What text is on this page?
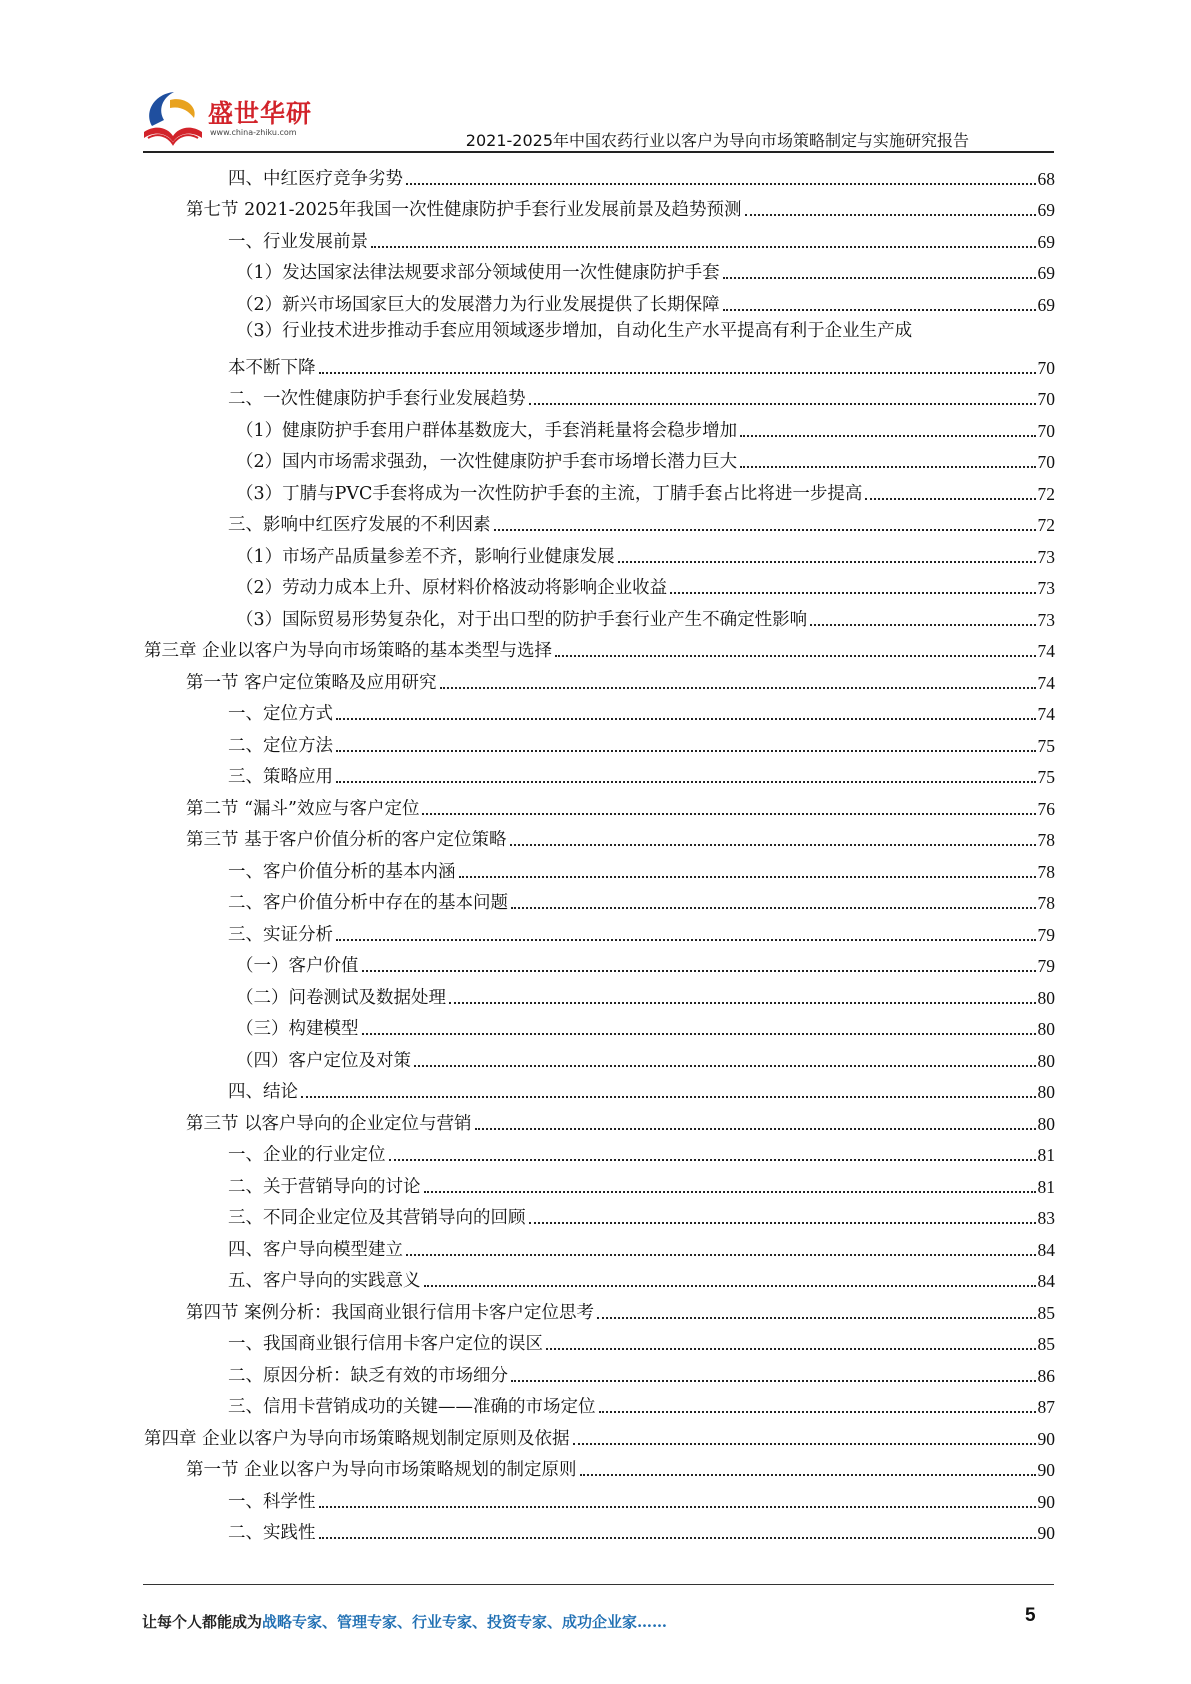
盛世华研
www.china-zhiku.com	2021-2025年中国农药行业以客户为导向市场策略制定与实施研究报告
四、中红医疗竞争劣势	68
第七节 2021-2025年我国一次性健康防护手套行业发展前景及趋势预测	69
一、行业发展前景	69
（1）发达国家法律法规要求部分领域使用一次性健康防护手套	69
（2）新兴市场国家巨大的发展潜力为行业发展提供了长期保障	69
（3）行业技术进步推动手套应用领域逐步增加，自动化生产水平提高有利于企业生产成
本不断下降	70
二、一次性健康防护手套行业发展趋势	70
（1）健康防护手套用户群体基数庞大，手套消耗量将会稳步增加	70
（2）国内市场需求强劲，一次性健康防护手套市场增长潜力巨大	70
（3）丁腈与PVC手套将成为一次性防护手套的主流，丁腈手套占比将进一步提高	72
三、影响中红医疗发展的不利因素	72
（1）市场产品质量参差不齐，影响行业健康发展	73
（2）劳动力成本上升、原材料价格波动将影响企业收益	73
（3）国际贸易形势复杂化，对于出口型的防护手套行业产生不确定性影响	73
第三章 企业以客户为导向市场策略的基本类型与选择	74
第一节 客户定位策略及应用研究	74
一、定位方式	74
二、定位方法	75
三、策略应用	75
第二节 “漏斗”效应与客户定位	76
第三节 基于客户价值分析的客户定位策略	78
一、客户价值分析的基本内涵	78
二、客户价值分析中存在的基本问题	78
三、实证分析	79
（一）客户价值	79
（二）问卷测试及数据处理	80
（三）构建模型	80
（四）客户定位及对策	80
四、结论	80
第三节 以客户导向的企业定位与营销	80
一、企业的行业定位	81
二、关于营销导向的讨论	81
三、不同企业定位及其营销导向的回顾	83
四、客户导向模型建立	84
五、客户导向的实践意义	84
第四节 案例分析：我国商业银行信用卡客户定位思考	85
一、我国商业银行信用卡客户定位的误区	85
二、原因分析：缺乏有效的市场细分	86
三、信用卡营销成功的关键——准确的市场定位	87
第四章 企业以客户为导向市场策略规划制定原则及依据	90
第一节 企业以客户为导向市场策略规划的制定原则	90
一、科学性	90
二、实践性	90
让每个人都能成为战略专家、管理专家、行业专家、投资专家、成功企业家……	5
